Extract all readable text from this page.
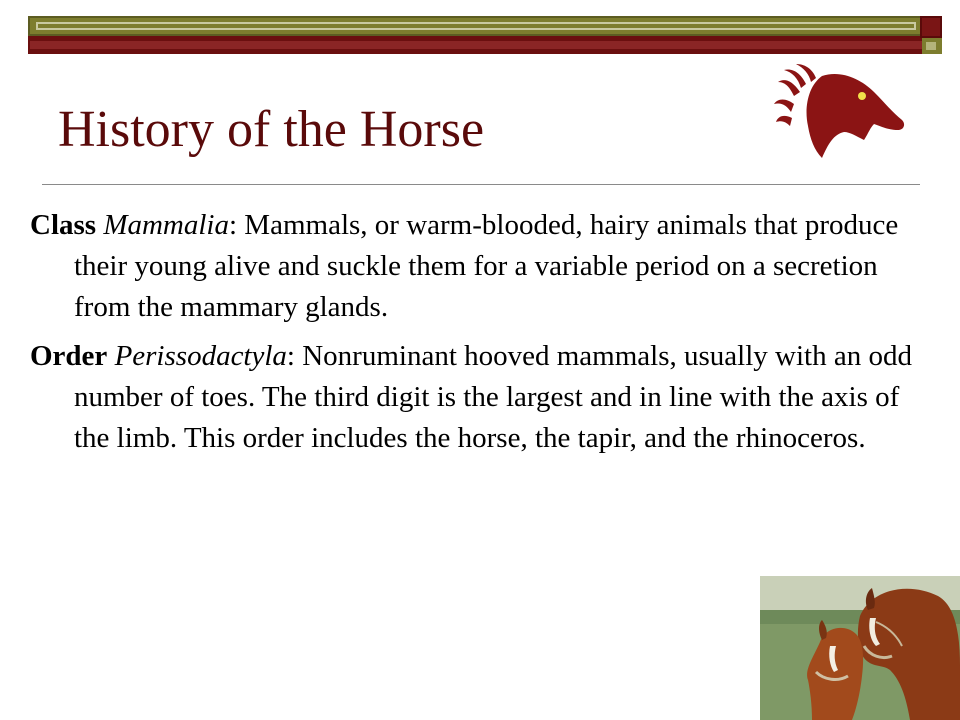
History of the Horse

Class Mammalia: Mammals, or warm-blooded, hairy animals that produce their young alive and suckle them for a variable period on a secretion from the mammary glands.

Order Perissodactyla: Nonruminant hooved mammals, usually with an odd number of toes. The third digit is the largest and in line with the axis of the limb. This order includes the horse, the tapir, and the rhinoceros.
